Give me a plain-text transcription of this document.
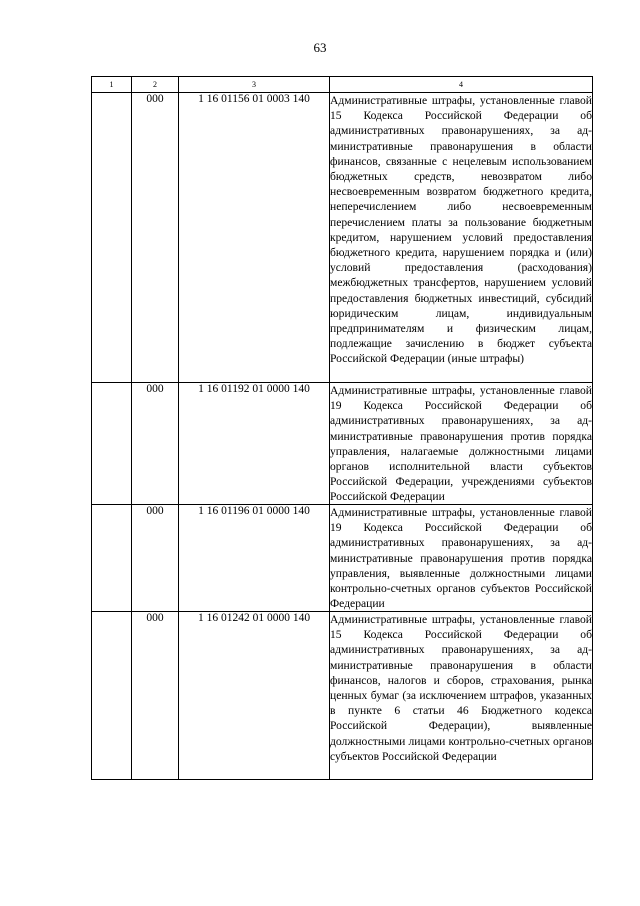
63
1	2	3	4
	000	1 16 01156 01 0003 140	Административные штрафы, установленные главой 15 Кодекса Российской Федерации об административных правонарушениях, за административные правонарушения в области финансов, связанные с нецелевым использованием бюджетных средств, невозвратом либо несвоевременным возвратом бюджетного кредита, неперечислением либо несвоевременным перечислением платы за пользование бюджетным кредитом, нарушением условий предоставления бюджетного кредита, нарушением порядка и (или) условий предоставления (расходования) межбюджетных трансфертов, нарушением условий предоставления бюджетных инвестиций, субсидий юридическим лицам, индивидуальным предпринимателям и физическим лицам, подлежащие зачислению в бюджет субъекта Российской Федерации (иные штрафы)

	000	1 16 01192 01 0000 140	Административные штрафы, установленные главой 19 Кодекса Российской Федерации об административных правонарушениях, за административные правонарушения против порядка управления, налагаемые должностными лицами органов исполнительной власти субъектов Российской Федерации, учреждениями субъектов Российской Федерации

	000	1 16 01196 01 0000 140	Административные штрафы, установленные главой 19 Кодекса Российской Федерации об административных правонарушениях, за административные правонарушения против порядка управления, выявленные должностными лицами контрольно-счетных органов субъектов Российской Федерации

	000	1 16 01242 01 0000 140	Административные штрафы, установленные главой 15 Кодекса Российской Федерации об административных правонарушениях, за административные правонарушения в области финансов, налогов и сборов, страхования, рынка ценных бумаг (за исключением штрафов, указанных в пункте 6 статьи 46 Бюджетного кодекса Российской Федерации), выявленные должностными лицами контрольно-счетных органов субъектов Российской Федерации
